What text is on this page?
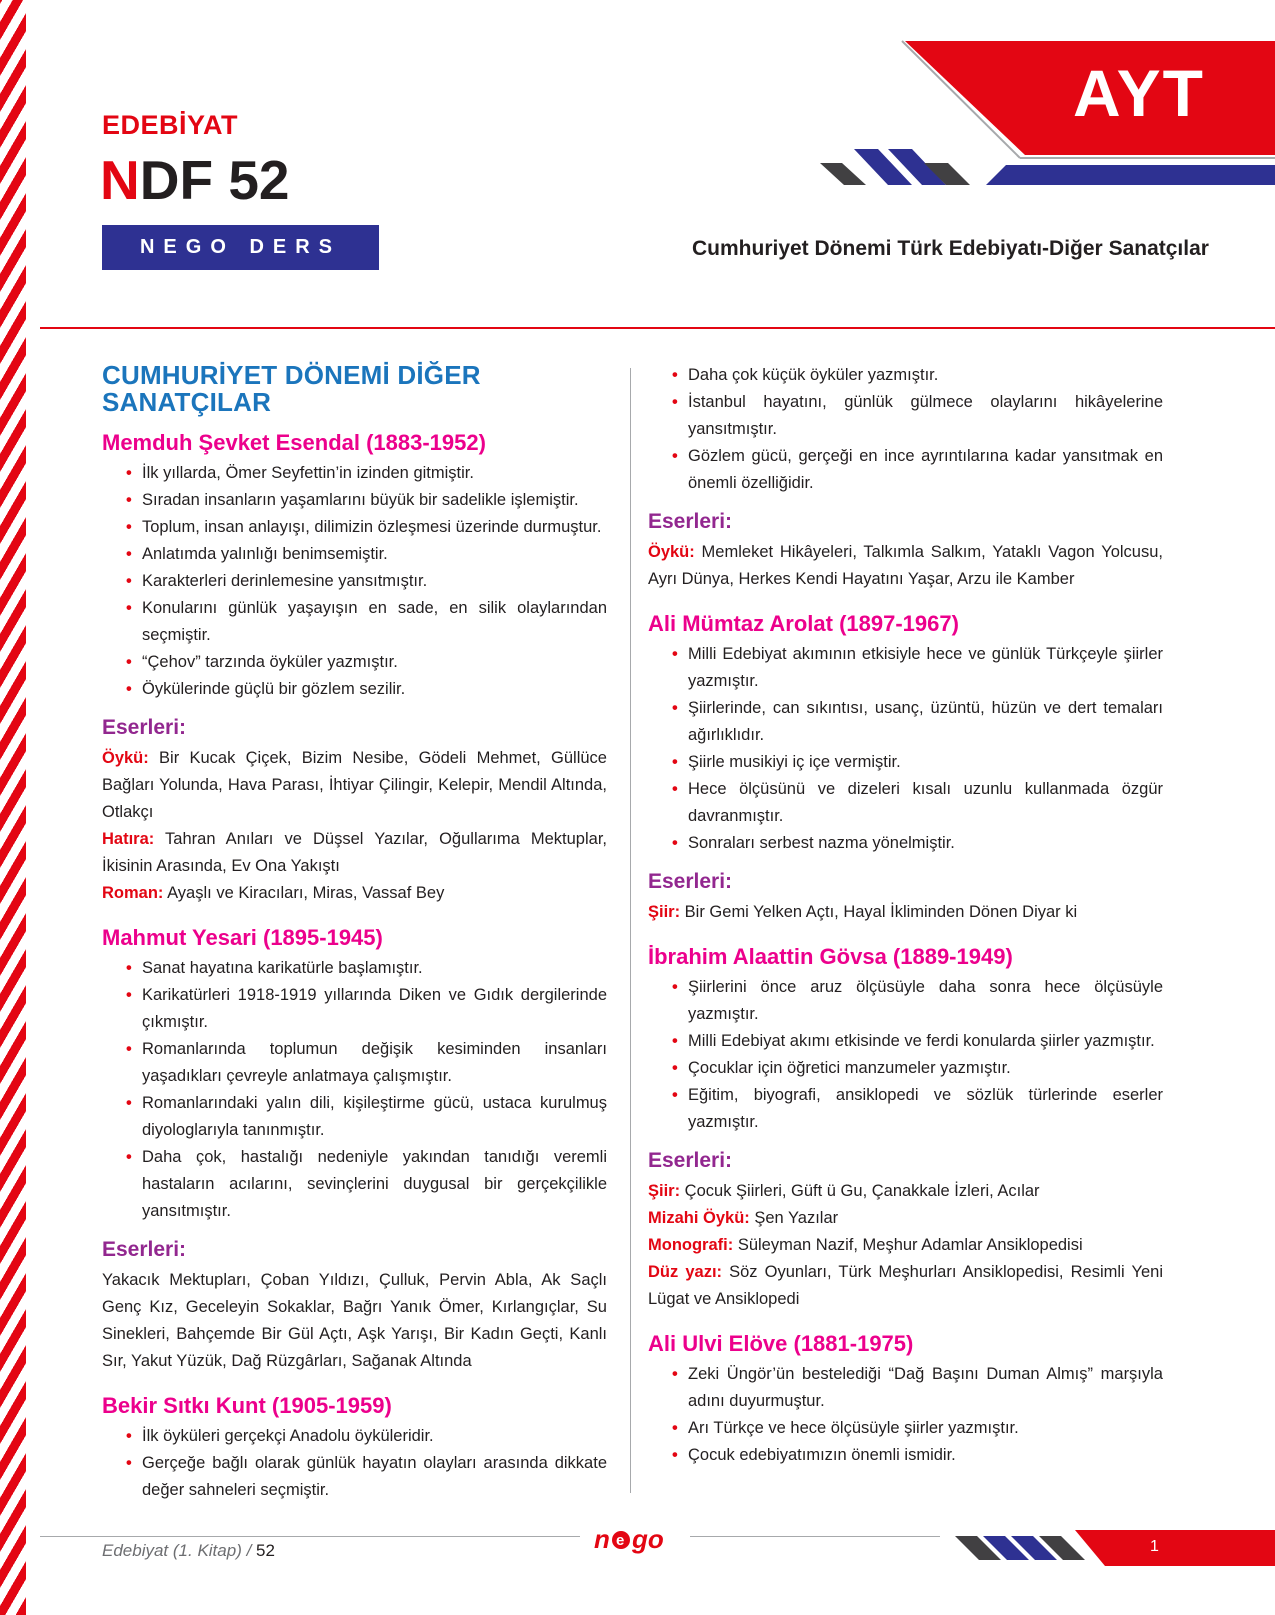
EDEBİYAT
NDF 52
NEGO DERS FÖYÜ
AYT
Cumhuriyet Dönemi Türk Edebiyatı-Diğer Sanatçılar
CUMHURİYET DÖNEMİ DİĞER SANATÇILAR
Memduh Şevket Esendal (1883-1952)
• İlk yıllarda, Ömer Seyfettin’in izinden gitmiştir.
• Sıradan insanların yaşamlarını büyük bir sadelikle işlemiştir.
• Toplum, insan anlayışı, dilimizin özleşmesi üzerinde durmuştur.
• Anlatımda yalınlığı benimsemiştir.
• Karakterleri derinlemesine yansıtmıştır.
• Konularını günlük yaşayışın en sade, en silik olaylarından seçmiştir.
• “Çehov” tarzında öyküler yazmıştır.
• Öykülerinde güçlü bir gözlem sezilir.
Eserleri:
Öykü: Bir Kucak Çiçek, Bizim Nesibe, Gödeli Mehmet, Güllüce Bağları Yolunda, Hava Parası, İhtiyar Çilingir, Kelepir, Mendil Altında, Otlakçı
Hatıra: Tahran Anıları ve Düşsel Yazılar, Oğullarıma Mektuplar, İkisinin Arasında, Ev Ona Yakıştı
Roman: Ayaşlı ve Kiracıları, Miras, Vassaf Bey
Mahmut Yesari (1895-1945)
• Sanat hayatına karikatürle başlamıştır.
• Karikatürleri 1918-1919 yıllarında Diken ve Gıdık dergilerinde çıkmıştır.
• Romanlarında toplumun değişik kesiminden insanları yaşadıkları çevreyle anlatmaya çalışmıştır.
• Romanlarındaki yalın dili, kişileştirme gücü, ustaca kurulmuş diyologlarıyla tanınmıştır.
• Daha çok, hastalığı nedeniyle yakından tanıdığı veremli hastaların acılarını, sevinçlerini duygusal bir gerçekçilikle yansıtmıştır.
Eserleri:
Yakacık Mektupları, Çoban Yıldızı, Çulluk, Pervin Abla, Ak Saçlı Genç Kız, Geceleyin Sokaklar, Bağrı Yanık Ömer, Kırlangıçlar, Su Sinekleri, Bahçemde Bir Gül Açtı, Aşk Yarışı, Bir Kadın Geçti, Kanlı Sır, Yakut Yüzük, Dağ Rüzgârları, Sağanak Altında
Bekir Sıtkı Kunt (1905-1959)
• İlk öyküleri gerçekçi Anadolu öyküleridir.
• Gerçeğe bağlı olarak günlük hayatın olayları arasında dikkate değer sahneleri seçmiştir.
• Daha çok küçük öyküler yazmıştır.
• İstanbul hayatını, günlük gülmece olaylarını hikâyelerine yansıtmıştır.
• Gözlem gücü, gerçeği en ince ayrıntılarına kadar yansıtmak en önemli özelliğidir.
Eserleri:
Öykü: Memleket Hikâyeleri, Talkımla Salkım, Yataklı Vagon Yolcusu, Ayrı Dünya, Herkes Kendi Hayatını Yaşar, Arzu ile Kamber
Ali Mümtaz Arolat (1897-1967)
• Milli Edebiyat akımının etkisiyle hece ve günlük Türkçeyle şiirler yazmıştır.
• Şiirlerinde, can sıkıntısı, usanç, üzüntü, hüzün ve dert temaları ağırlıklıdır.
• Şiirle musikiyi iç içe vermiştir.
• Hece ölçüsünü ve dizeleri kısalı uzunlu kullanmada özgür davranmıştır.
• Sonraları serbest nazma yönelmiştir.
Eserleri:
Şiir: Bir Gemi Yelken Açtı, Hayal İkliminden Dönen Diyar ki
İbrahim Alaattin Gövsa (1889-1949)
• Şiirlerini önce aruz ölçüsüyle daha sonra hece ölçüsüyle yazmıştır.
• Milli Edebiyat akımı etkisinde ve ferdi konularda şiirler yazmıştır.
• Çocuklar için öğretici manzumeler yazmıştır.
• Eğitim, biyografi, ansiklopedi ve sözlük türlerinde eserler yazmıştır.
Eserleri:
Şiir: Çocuk Şiirleri, Güft ü Gu, Çanakkale İzleri, Acılar
Mizahi Öykü: Şen Yazılar
Monografi: Süleyman Nazif, Meşhur Adamlar Ansiklopedisi
Düz yazı: Söz Oyunları, Türk Meşhurları Ansiklopedisi, Resimli Yeni Lügat ve Ansiklopedi
Ali Ulvi Elöve (1881-1975)
• Zeki Üngör’ün bestelediği “Dağ Başını Duman Almış” marşıyla adını duyurmuştur.
• Arı Türkçe ve hece ölçüsüyle şiirler yazmıştır.
• Çocuk edebiyatımızın önemli ismidir.
Edebiyat (1. Kitap) / 52	n e go	1
